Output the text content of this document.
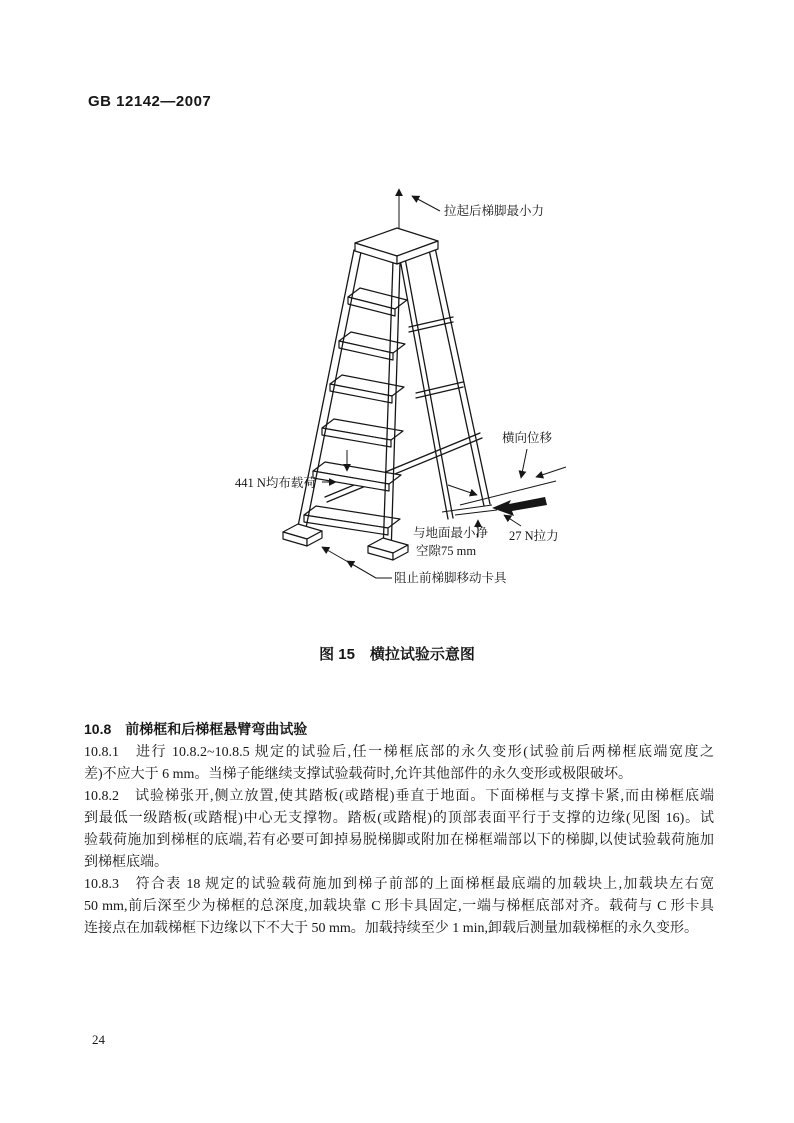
GB 12142—2007
拉起后梯脚最小力
441 N均布载荷
横向位移
27 N拉力
与地面最小净
空隙75 mm
阻止前梯脚移动卡具
图 15　横拉试验示意图
10.8　前梯框和后梯框悬臂弯曲试验
10.8.1　进行 10.8.2~10.8.5 规定的试验后,任一梯框底部的永久变形(试验前后两梯框底端宽度之
差)不应大于 6 mm。当梯子能继续支撑试验载荷时,允许其他部件的永久变形或极限破坏。
10.8.2　试验梯张开,侧立放置,使其踏板(或踏棍)垂直于地面。下面梯框与支撑卡紧,而由梯框底端
到最低一级踏板(或踏棍)中心无支撑物。踏板(或踏棍)的顶部表面平行于支撑的边缘(见图 16)。试
验载荷施加到梯框的底端,若有必要可卸掉易脱梯脚或附加在梯框端部以下的梯脚,以使试验载荷施加
到梯框底端。
10.8.3　符合表 18 规定的试验载荷施加到梯子前部的上面梯框最底端的加载块上,加载块左右宽
50 mm,前后深至少为梯框的总深度,加载块靠 C 形卡具固定,一端与梯框底部对齐。载荷与 C 形卡具
连接点在加载梯框下边缘以下不大于 50 mm。加载持续至少 1 min,卸载后测量加载梯框的永久变形。
24
